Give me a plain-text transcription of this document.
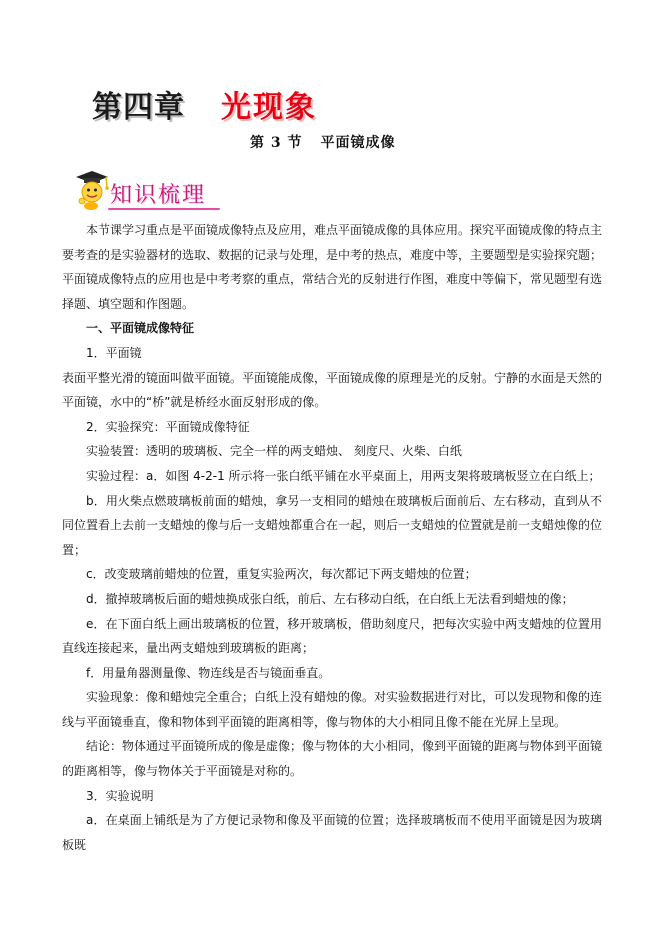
第四章 光现象
第 3 节 平面镜成像
知识梳理

本节课学习重点是平面镜成像特点及应用，难点平面镜成像的具体应用。探究平面镜成像的特点主要考查的是实验器材的选取、数据的记录与处理，是中考的热点，难度中等，主要题型是实验探究题；平面镜成像特点的应用也是中考考察的重点，常结合光的反射进行作图，难度中等偏下，常见题型有选择题、填空题和作图题。

一、平面镜成像特征

1．平面镜

表面平整光滑的镜面叫做平面镜。平面镜能成像，平面镜成像的原理是光的反射。宁静的水面是天然的平面镜，水中的“桥”就是桥经水面反射形成的像。

2．实验探究：平面镜成像特征

实验装置：透明的玻璃板、完全一样的两支蜡烛、 刻度尺、火柴、白纸

实验过程：a．如图 4-2-1 所示将一张白纸平铺在水平桌面上，用两支架将玻璃板竖立在白纸上；

b．用火柴点燃玻璃板前面的蜡烛，拿另一支相同的蜡烛在玻璃板后面前后、左右移动，直到从不同位置看上去前一支蜡烛的像与后一支蜡烛都重合在一起，则后一支蜡烛的位置就是前一支蜡烛像的位置；

c．改变玻璃前蜡烛的位置，重复实验两次，每次都记下两支蜡烛的位置；

d．撤掉玻璃板后面的蜡烛换成张白纸，前后、左右移动白纸，在白纸上无法看到蜡烛的像；

e．在下面白纸上画出玻璃板的位置，移开玻璃板，借助刻度尺，把每次实验中两支蜡烛的位置用直线连接起来，量出两支蜡烛到玻璃板的距离；

f．用量角器测量像、物连线是否与镜面垂直。

实验现象：像和蜡烛完全重合；白纸上没有蜡烛的像。对实验数据进行对比，可以发现物和像的连线与平面镜垂直，像和物体到平面镜的距离相等，像与物体的大小相同且像不能在光屏上呈现。

结论：物体通过平面镜所成的像是虚像；像与物体的大小相同，像到平面镜的距离与物体到平面镜的距离相等，像与物体关于平面镜是对称的。

3．实验说明

a．在桌面上铺纸是为了方便记录物和像及平面镜的位置；选择玻璃板而不使用平面镜是因为玻璃板既
